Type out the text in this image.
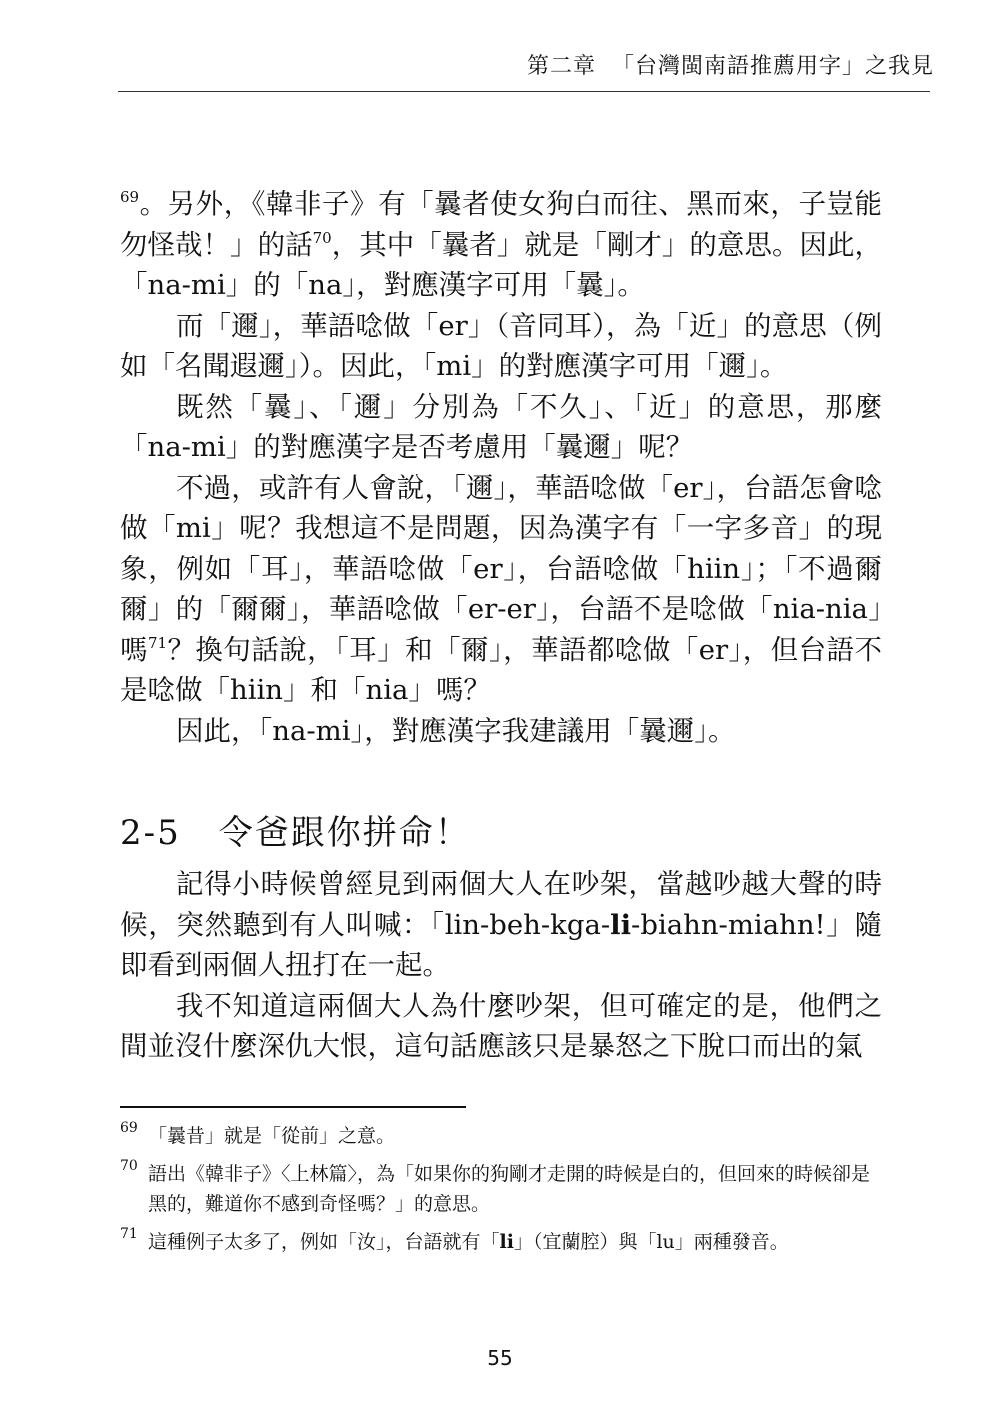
第二章 「台灣閩南語推薦用字」之我見

$^{69}$。另外，《韓非子》有「曩者使女狗白而往、黑而來，子豈能勿怪哉！」的話$^{70}$，其中「曩者」就是「剛才」的意思。因此，「na-mi」的「na」，對應漢字可用「曩」。

而「邇」，華語唸做「er」（音同耳），為「近」的意思（例如「名聞遐邇」）。因此，「mi」的對應漢字可用「邇」。

既然「曩」、「邇」分別為「不久」、「近」的意思，那麼「na-mi」的對應漢字是否考慮用「曩邇」呢？

不過，或許有人會說，「邇」，華語唸做「er」，台語怎會唸做「mi」呢？我想這不是問題，因為漢字有「一字多音」的現象，例如「耳」，華語唸做「er」，台語唸做「hiin」；「不過爾爾」的「爾爾」，華語唸做「er-er」，台語不是唸做「nia-nia」嗎$^{71}$？換句話說，「耳」和「爾」，華語都唸做「er」，但台語不是唸做「hiin」和「nia」嗎？

因此，「na-mi」，對應漢字我建議用「曩邇」。

2-5 令爸跟你拼命！

記得小時候曾經見到兩個大人在吵架，當越吵越大聲的時候，突然聽到有人叫喊：「lin-beh-kga-li-biahn-miahn!」隨即看到兩個人扭打在一起。

我不知道這兩個大人為什麼吵架，但可確定的是，他們之間並沒什麼深仇大恨，這句話應該只是暴怒之下脫口而出的氣

69 「曩昔」就是「從前」之意。

70 語出《韓非子》〈上林篇〉，為「如果你的狗剛才走開的時候是白的，但回來的時候卻是黑的，難道你不感到奇怪嗎？」的意思。

71 這種例子太多了，例如「汝」，台語就有「li」（宜蘭腔）與「lu」兩種發音。

55
